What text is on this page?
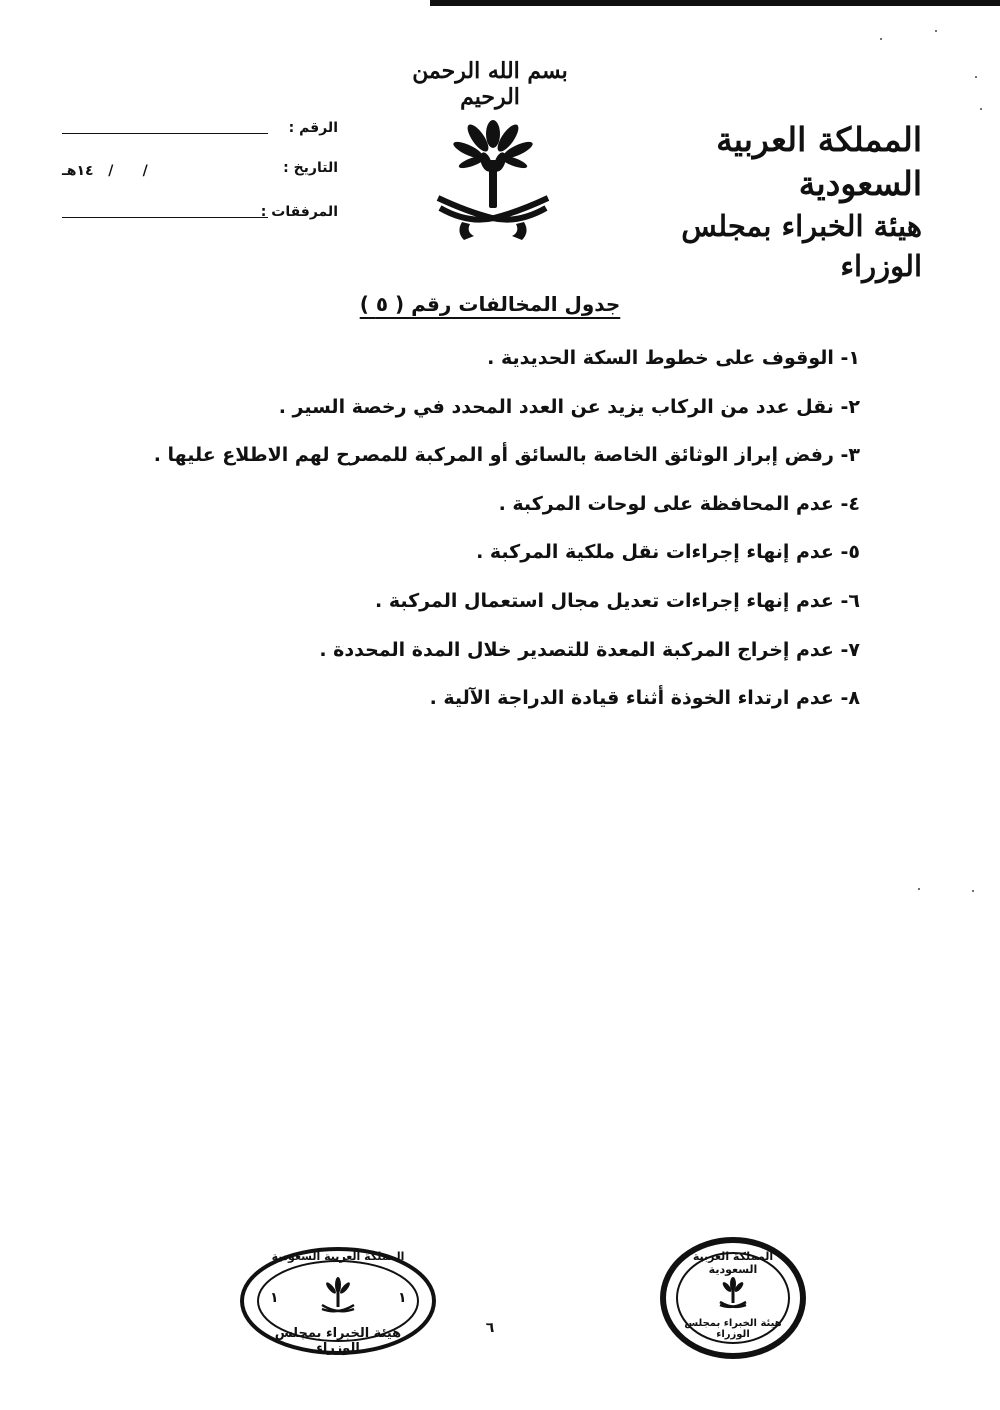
بسم الله الرحمن الرحيم
المملكة العربية السعودية
هيئة الخبراء بمجلس الوزراء
الرقم :
التاريخ :
١٤هـ   /      /
المرفقات :
جدول المخالفات رقم ( ٥ )
١- الوقوف على خطوط السكة الحديدية .
٢- نقل عدد من الركاب يزيد عن العدد المحدد في رخصة السير .
٣- رفض إبراز الوثائق الخاصة بالسائق أو المركبة للمصرح لهم الاطلاع عليها .
٤- عدم المحافظة على لوحات المركبة .
٥- عدم إنهاء إجراءات نقل ملكية المركبة .
٦- عدم إنهاء إجراءات تعديل مجال استعمال المركبة .
٧- عدم إخراج المركبة المعدة للتصدير خلال المدة المحددة .
٨- عدم ارتداء الخوذة أثناء قيادة الدراجة الآلية .
المملكة العربية السعودية
هيئة الخبراء بمجلس الوزراء
١	١
المملكة العربية السعودية
هيئة الخبراء بمجلس الوزراء
٦
